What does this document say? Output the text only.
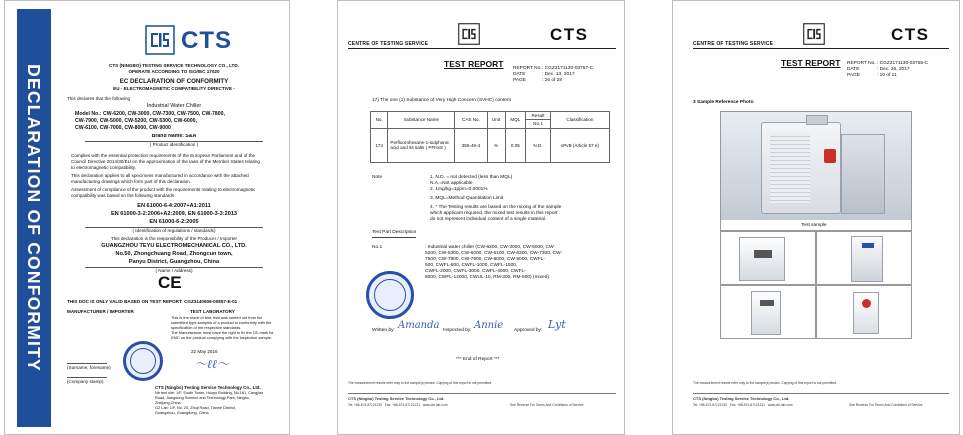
DECLARATION OF CONFORMITY
CTS
CTS (NINGBO) TESTING SERVICE TECHNOLOGY CO., LTD.
OPERATE ACCORDING TO ISO/IEC 17020
EC DECLARATION OF CONFORMITY
EU - ELECTROMAGNETIC COMPATIBILITY DIRECTIVE -
This declares that the following
Industrial Water Chiller
Model No.: CW-6200, CW-3000, CW-7300, CW-7500, CW-7800,
CW-7900, CW-5000, CW-5200, CW-5300, CW-6000,
CW-6100, CW-7000, CW-8000, CW-9000
Brand Name: S&A
( Product identification )
Complies with the essential protection requirements of the European Parliament and of the
Council Directive 2014/30/EU on the approximation of the laws of the Member States relating
to electromagnetic compatibility.
This declaration applies to all specimens manufactured in accordance with the attached
manufacturing drawings which form part of this declaration.
Assessment of compliance of the product with the requirements relating to electromagnetic
compatibility was based on the following standards
EN 61000-6-4:2007+A1:2011
EN 61000-3-2:2006+A2:2009, EN 61000-3-3:2013
EN 61000-6-2:2005
( Identification of regulations / standards)
This declaration is the responsibility of the Producer / Importer
GUANGZHOU TEYU ELECTROMECHANICAL CO., LTD.
No.50, Zhongchuang Road, Zhongcun town,
Panyu District, Guangzhou, China
( Name / Address)
CE
THIS DOC IS ONLY VALID BASED ON TEST REPORT: CGZ3140606-00857-E-01
MANUFACTURER / IMPORTER	TEST LABORATORY
This is the result of test, that was carried out from the
submitted type-samples of a product in conformity with the
specification of the respective standards.
The Manufacturer must have the right to fix the CE-mark for
EMC on the product complying with the inspection sample.
22 May 2016
～ℓℓ～
(Surname, forename)
(Company stamp)
CTS (Ningbo) Testing Service Technology Co., Ltd.
Nb test site: 1/F, South Tower, Huoyu Building, No.161, Cangjiao
Road, Jiangdong Science and Technology Park, Ningbo,
Zhejiang,China
GZ Lab: 1/F, No. 20, Zhuji Road, Tianhe District,
Guangzhou, Guangdong, China
CENTRE OF TESTING SERVICE	CTS
TEST REPORT REPORT No. : CGZ3171130-03757-C
DATE	: Dec. 13, 2017
PAGE	: 26 of 28
17) The one (1) Substance of Very High Concern (SVHC) content
No.	Substance Name	CAS No.	Unit	MQL	Result	Classification
					No.1	
174	Perfluorohexane-1-sulphonic acid and its salts ( PFHxS )	355-46-4	%	0.05	N.D.	vPvB (Article 57 e)
Note	1. N.D. = not detected (less than MQL)
N.A.=Not applicable
2. 1mg/kg=1ppm=0.0001%
3. MQL=Method Quantitation Limit
4. * The Testing results are based on the mixing of the sample
which applicant required, the mixed test results in this report
do not represent individual content of a single material.
Test Part Description
No.1	: Industrial water chiller (CW-6200, CW-3000, CW-5000, CW-
5200, CW-5300, CW-6000, CW-6100, CW-6300, CW-7300, CW-
7500, CW-7800, CW-7900, CW-8000, CW-9000, CWFL-
500, CWFL-800, CWFL-1000, CWFL-1500,
CWFL-2000, CWFL-3000, CWFL-4000, CWFL-
8000, CWFL-12000, CWUL-10, RM-300, RM-500) (mixed)
Written by: Amanda Inspected by: Annie Approved by: Lyt
*** End of Report ***
The measurement results refer only to the sample(s) tested. Copying of this report is not permitted.
CTS (Ningbo) Testing Service Technology Co., Ltd.
Tel: +86-574-87121230   Fax: +86-574-87121231   www.cts-lab.com	See Reverse For Terms And Conditions of Service
CENTRE OF TESTING SERVICE	CTS
TEST REPORT REPORT No. : CGZ3171130-03755-C
DATE	: Dec. 26, 2017
PAGE	: 10 of 11
3 Sample Reference Photo
Test sample
The measurement results refer only to the sample(s) tested. Copying of this report is not permitted.
CTS (Ningbo) Testing Service Technology Co., Ltd.
Tel: +86-574-87121230   Fax: +86-574-87121231   www.cts-lab.com	See Reverse For Terms And Conditions of Service
